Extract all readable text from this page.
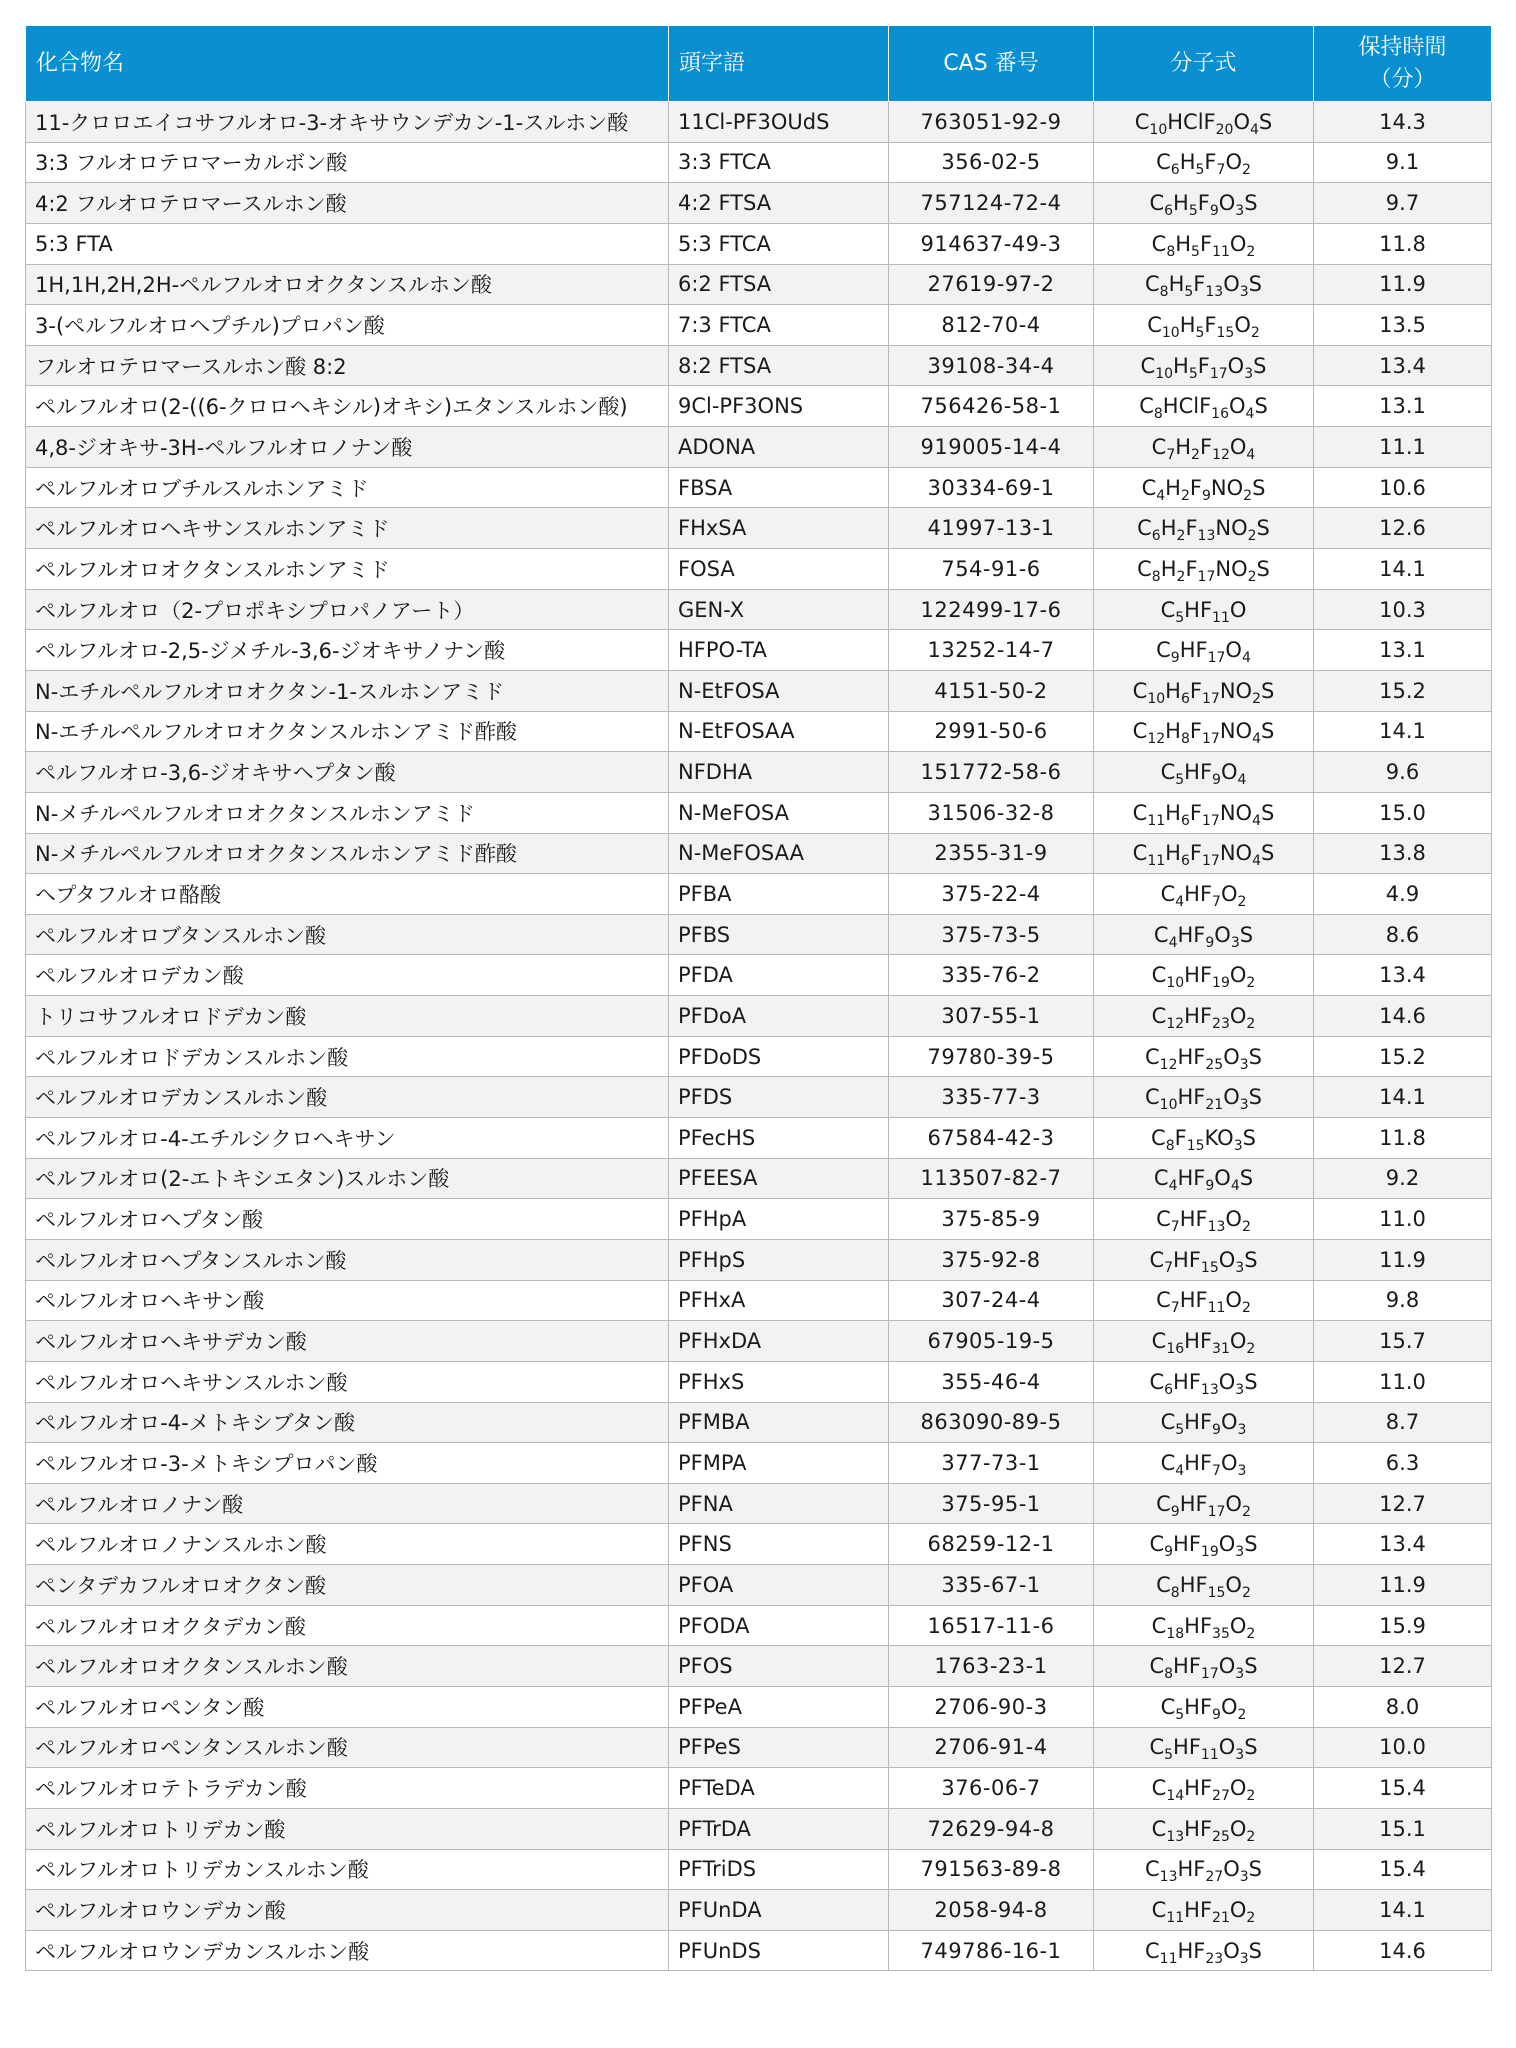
化合物名	頭字語	CAS 番号	分子式	保持時間
（分）
11-クロロエイコサフルオロ-3-オキサウンデカン-1-スルホン酸	11Cl-PF3OUdS	763051-92-9	$C_{10}HClF_{20}O_4S$	14.3
3:3 フルオロテロマーカルボン酸	3:3 FTCA	356-02-5	$C_6H_5F_7O_2$	9.1
4:2 フルオロテロマースルホン酸	4:2 FTSA	757124-72-4	$C_6H_5F_9O_3S$	9.7
5:3 FTA	5:3 FTCA	914637-49-3	$C_8H_5F_{11}O_2$	11.8
1H,1H,2H,2H-ペルフルオロオクタンスルホン酸	6:2 FTSA	27619-97-2	$C_8H_5F_{13}O_3S$	11.9
3-(ペルフルオロヘプチル)プロパン酸	7:3 FTCA	812-70-4	$C_{10}H_5F_{15}O_2$	13.5
フルオロテロマースルホン酸 8:2	8:2 FTSA	39108-34-4	$C_{10}H_5F_{17}O_3S$	13.4
ペルフルオロ(2-((6-クロロヘキシル)オキシ)エタンスルホン酸)	9Cl-PF3ONS	756426-58-1	$C_8HClF_{16}O_4S$	13.1
4,8-ジオキサ-3H-ペルフルオロノナン酸	ADONA	919005-14-4	$C_7H_2F_{12}O_4$	11.1
ペルフルオロブチルスルホンアミド	FBSA	30334-69-1	$C_4H_2F_9NO_2S$	10.6
ペルフルオロヘキサンスルホンアミド	FHxSA	41997-13-1	$C_6H_2F_{13}NO_2S$	12.6
ペルフルオロオクタンスルホンアミド	FOSA	754-91-6	$C_8H_2F_{17}NO_2S$	14.1
ペルフルオロ（2-プロポキシプロパノアート）	GEN-X	122499-17-6	$C_5HF_{11}O$	10.3
ペルフルオロ-2,5-ジメチル-3,6-ジオキサノナン酸	HFPO-TA	13252-14-7	$C_9HF_{17}O_4$	13.1
N-エチルペルフルオロオクタン-1-スルホンアミド	N-EtFOSA	4151-50-2	$C_{10}H_6F_{17}NO_2S$	15.2
N-エチルペルフルオロオクタンスルホンアミド酢酸	N-EtFOSAA	2991-50-6	$C_{12}H_8F_{17}NO_4S$	14.1
ペルフルオロ-3,6-ジオキサヘプタン酸	NFDHA	151772-58-6	$C_5HF_9O_4$	9.6
N-メチルペルフルオロオクタンスルホンアミド	N-MeFOSA	31506-32-8	$C_{11}H_6F_{17}NO_4S$	15.0
N-メチルペルフルオロオクタンスルホンアミド酢酸	N-MeFOSAA	2355-31-9	$C_{11}H_6F_{17}NO_4S$	13.8
ヘプタフルオロ酪酸	PFBA	375-22-4	$C_4HF_7O_2$	4.9
ペルフルオロブタンスルホン酸	PFBS	375-73-5	$C_4HF_9O_3S$	8.6
ペルフルオロデカン酸	PFDA	335-76-2	$C_{10}HF_{19}O_2$	13.4
トリコサフルオロドデカン酸	PFDoA	307-55-1	$C_{12}HF_{23}O_2$	14.6
ペルフルオロドデカンスルホン酸	PFDoDS	79780-39-5	$C_{12}HF_{25}O_3S$	15.2
ペルフルオロデカンスルホン酸	PFDS	335-77-3	$C_{10}HF_{21}O_3S$	14.1
ペルフルオロ-4-エチルシクロヘキサン	PFecHS	67584-42-3	$C_8F_{15}KO_3S$	11.8
ペルフルオロ(2-エトキシエタン)スルホン酸	PFEESA	113507-82-7	$C_4HF_9O_4S$	9.2
ペルフルオロヘプタン酸	PFHpA	375-85-9	$C_7HF_{13}O_2$	11.0
ペルフルオロヘプタンスルホン酸	PFHpS	375-92-8	$C_7HF_{15}O_3S$	11.9
ペルフルオロヘキサン酸	PFHxA	307-24-4	$C_7HF_{11}O_2$	9.8
ペルフルオロヘキサデカン酸	PFHxDA	67905-19-5	$C_{16}HF_{31}O_2$	15.7
ペルフルオロヘキサンスルホン酸	PFHxS	355-46-4	$C_6HF_{13}O_3S$	11.0
ペルフルオロ-4-メトキシブタン酸	PFMBA	863090-89-5	$C_5HF_9O_3$	8.7
ペルフルオロ-3-メトキシプロパン酸	PFMPA	377-73-1	$C_4HF_7O_3$	6.3
ペルフルオロノナン酸	PFNA	375-95-1	$C_9HF_{17}O_2$	12.7
ペルフルオロノナンスルホン酸	PFNS	68259-12-1	$C_9HF_{19}O_3S$	13.4
ペンタデカフルオロオクタン酸	PFOA	335-67-1	$C_8HF_{15}O_2$	11.9
ペルフルオロオクタデカン酸	PFODA	16517-11-6	$C_{18}HF_{35}O_2$	15.9
ペルフルオロオクタンスルホン酸	PFOS	1763-23-1	$C_8HF_{17}O_3S$	12.7
ペルフルオロペンタン酸	PFPeA	2706-90-3	$C_5HF_9O_2$	8.0
ペルフルオロペンタンスルホン酸	PFPeS	2706-91-4	$C_5HF_{11}O_3S$	10.0
ペルフルオロテトラデカン酸	PFTeDA	376-06-7	$C_{14}HF_{27}O_2$	15.4
ペルフルオロトリデカン酸	PFTrDA	72629-94-8	$C_{13}HF_{25}O_2$	15.1
ペルフルオロトリデカンスルホン酸	PFTriDS	791563-89-8	$C_{13}HF_{27}O_3S$	15.4
ペルフルオロウンデカン酸	PFUnDA	2058-94-8	$C_{11}HF_{21}O_2$	14.1
ペルフルオロウンデカンスルホン酸	PFUnDS	749786-16-1	$C_{11}HF_{23}O_3S$	14.6
